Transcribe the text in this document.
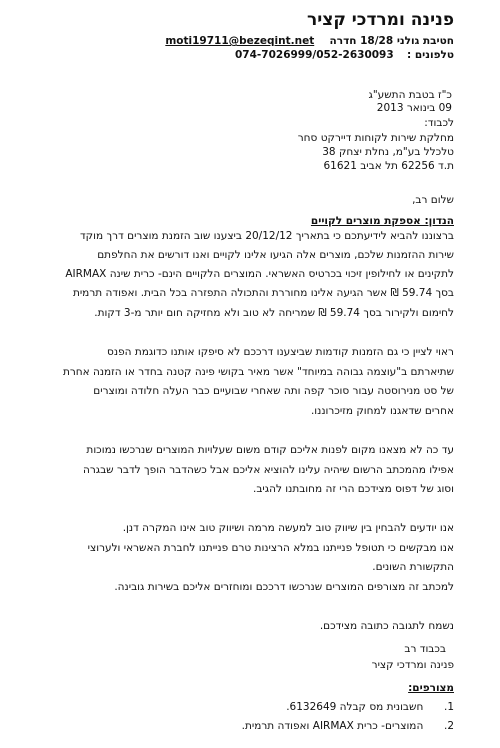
פנינה ומרדכי קציר
חטיבת גולני 18/28 חדרה  moti19711@bezeqint.net
טלפונים :  074-7026999/052-2630093
כ"ז בטבת התשע"ג
09 בינואר 2013
לכבוד:
מחלקת שירות לקוחות דיירקט סחר
טלכלל בע"מ, נחלת יצחק 38
ת.ד 62256 תל אביב 61621
שלום רב,
הנדון: אספקת מוצרים לקויים
ברצוננו להביא לידיעתכם כי בתאריך 20/12/12 ביצענו שוב הזמנת מוצרים דרך מוקד
שירות ההזמנות שלכם, מוצרים אלה הגיעו אלינו לקויים ואנו דורשים את החלפתם
לתקינים או לחילופין זיכוי בכרטיס האשראי. המוצרים הלקויים הינם- כרית שינה AIRMAX
בסך 59.74 ₪ אשר הגיעה אלינו מחוררת והתכולה התפזרה בכל הבית. ואפודה תרמית
לחימום ולקירור בסך 59.74 ₪ שמריחה לא טוב ולא מחזיקה חום יותר מ-3 דקות.
ראוי לציין כי גם הזמנות קודמות שביצענו דרככם לא סיפקו אותנו כדוגמת הפנס
שתיארתם ב"עוצמה גבוהה במיוחד" אשר מאיר בקושי פינה קטנה בחדר או הזמנה אחרת
של סט מנירוסטה עבור סוכר קפה ותה שאחרי שבועיים כבר העלה חלודה ומוצרים
אחרים שדאגנו למחוק מזיכרוננו.
עד כה לא מצאנו מקום לפנות אליכם קודם משום שעלויות המוצרים שנרכשו נמוכות
אפילו מהמכתב הרשום שיהיה עלינו להוציא אליכם אבל כשהדבר הופך לדבר שבגרה
וסוג של דפוס מצידכם הרי זה מחובתנו להגיב.
אנו יודעים להבחין בין שיווק טוב למעשה מרמה ושיווק טוב אינו המקרה דנן.
אנו מבקשים כי תטופל פנייתנו במלא הרצינות טרם פנייתנו לחברת האשראי ולערוצי
התקשורת השונים.
למכתב זה מצורפים המוצרים שנרכשו דרככם ומוחזרים אליכם בשירות גובינה.
נשמח לתגובה כתובה מצידכם.
בכבוד רב
פנינה ומרדכי קציר
מצורפים:
1.  חשבונית מס קבלה 6132649.
2.  המוצרים- כרית AIRMAX ואפודה תרמית.
